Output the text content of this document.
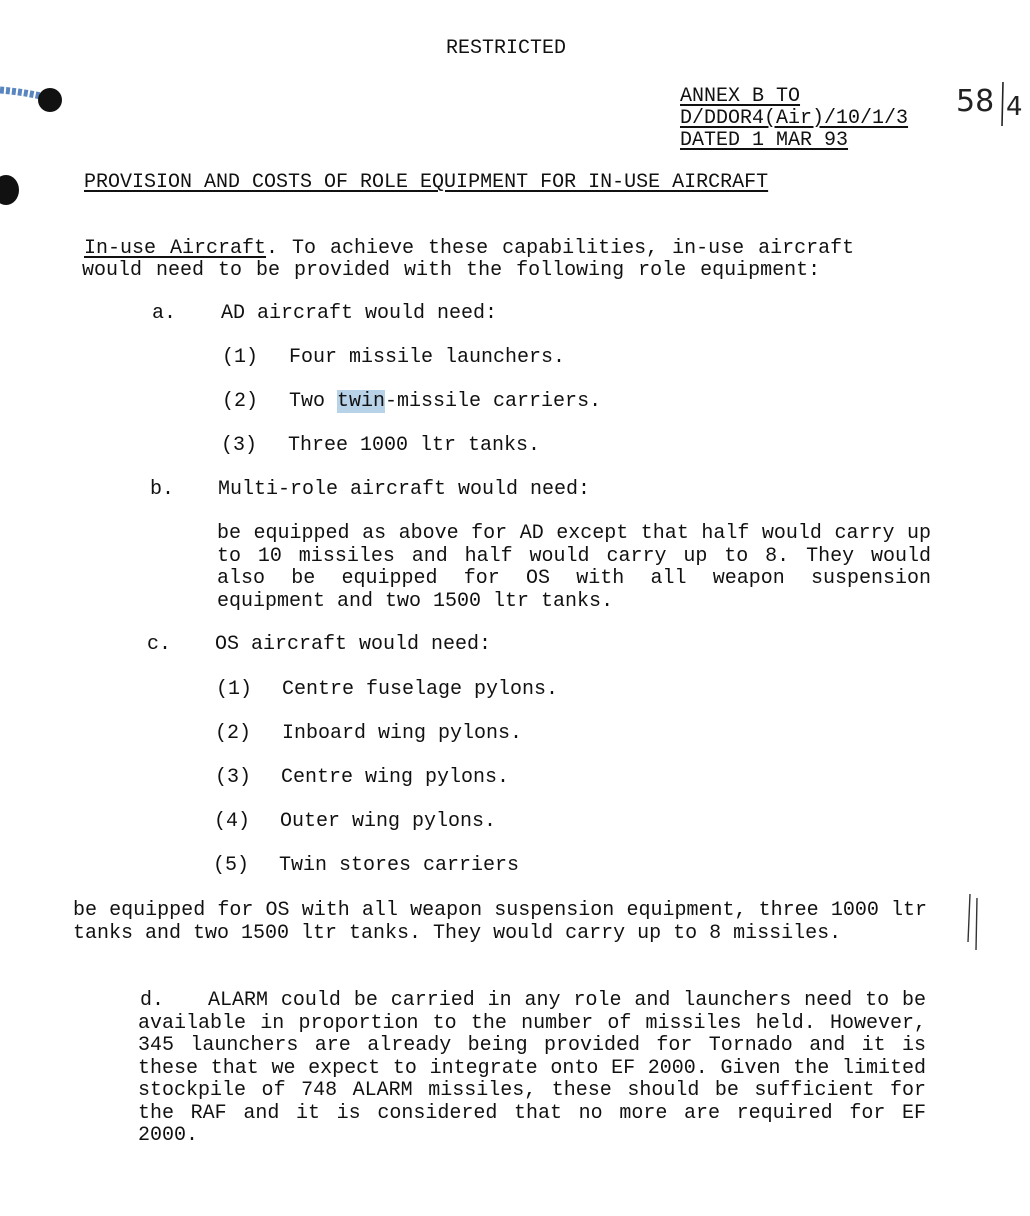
RESTRICTED
ANNEX B TO
D/DDOR4(Air)/10/1/3
DATED 1 MAR 93
58 4
PROVISION AND COSTS OF ROLE EQUIPMENT FOR IN-USE AIRCRAFT
In-use Aircraft. To achieve these capabilities, in-use aircraft
would need to be provided with the following role equipment:
a. AD aircraft would need:
(1) Four missile launchers.
(2) Two twin-missile carriers.
(3) Three 1000 ltr tanks.
b. Multi-role aircraft would need:
be equipped as above for AD except that half would carry up to 10 missiles and half would carry up to 8. They would also be equipped for OS with all weapon suspension equipment and two 1500 ltr tanks.
c. OS aircraft would need:
(1) Centre fuselage pylons.
(2) Inboard wing pylons.
(3) Centre wing pylons.
(4) Outer wing pylons.
(5) Twin stores carriers
be equipped for OS with all weapon suspension equipment, three 1000 ltr tanks and two 1500 ltr tanks. They would carry up to 8 missiles.
d.	ALARM could be carried in any role and launchers need to be available in proportion to the number of missiles held. However, 345 launchers are already being provided for Tornado and it is these that we expect to integrate onto EF 2000. Given the limited stockpile of 748 ALARM missiles, these should be sufficient for the RAF and it is considered that no more are required for EF 2000.
